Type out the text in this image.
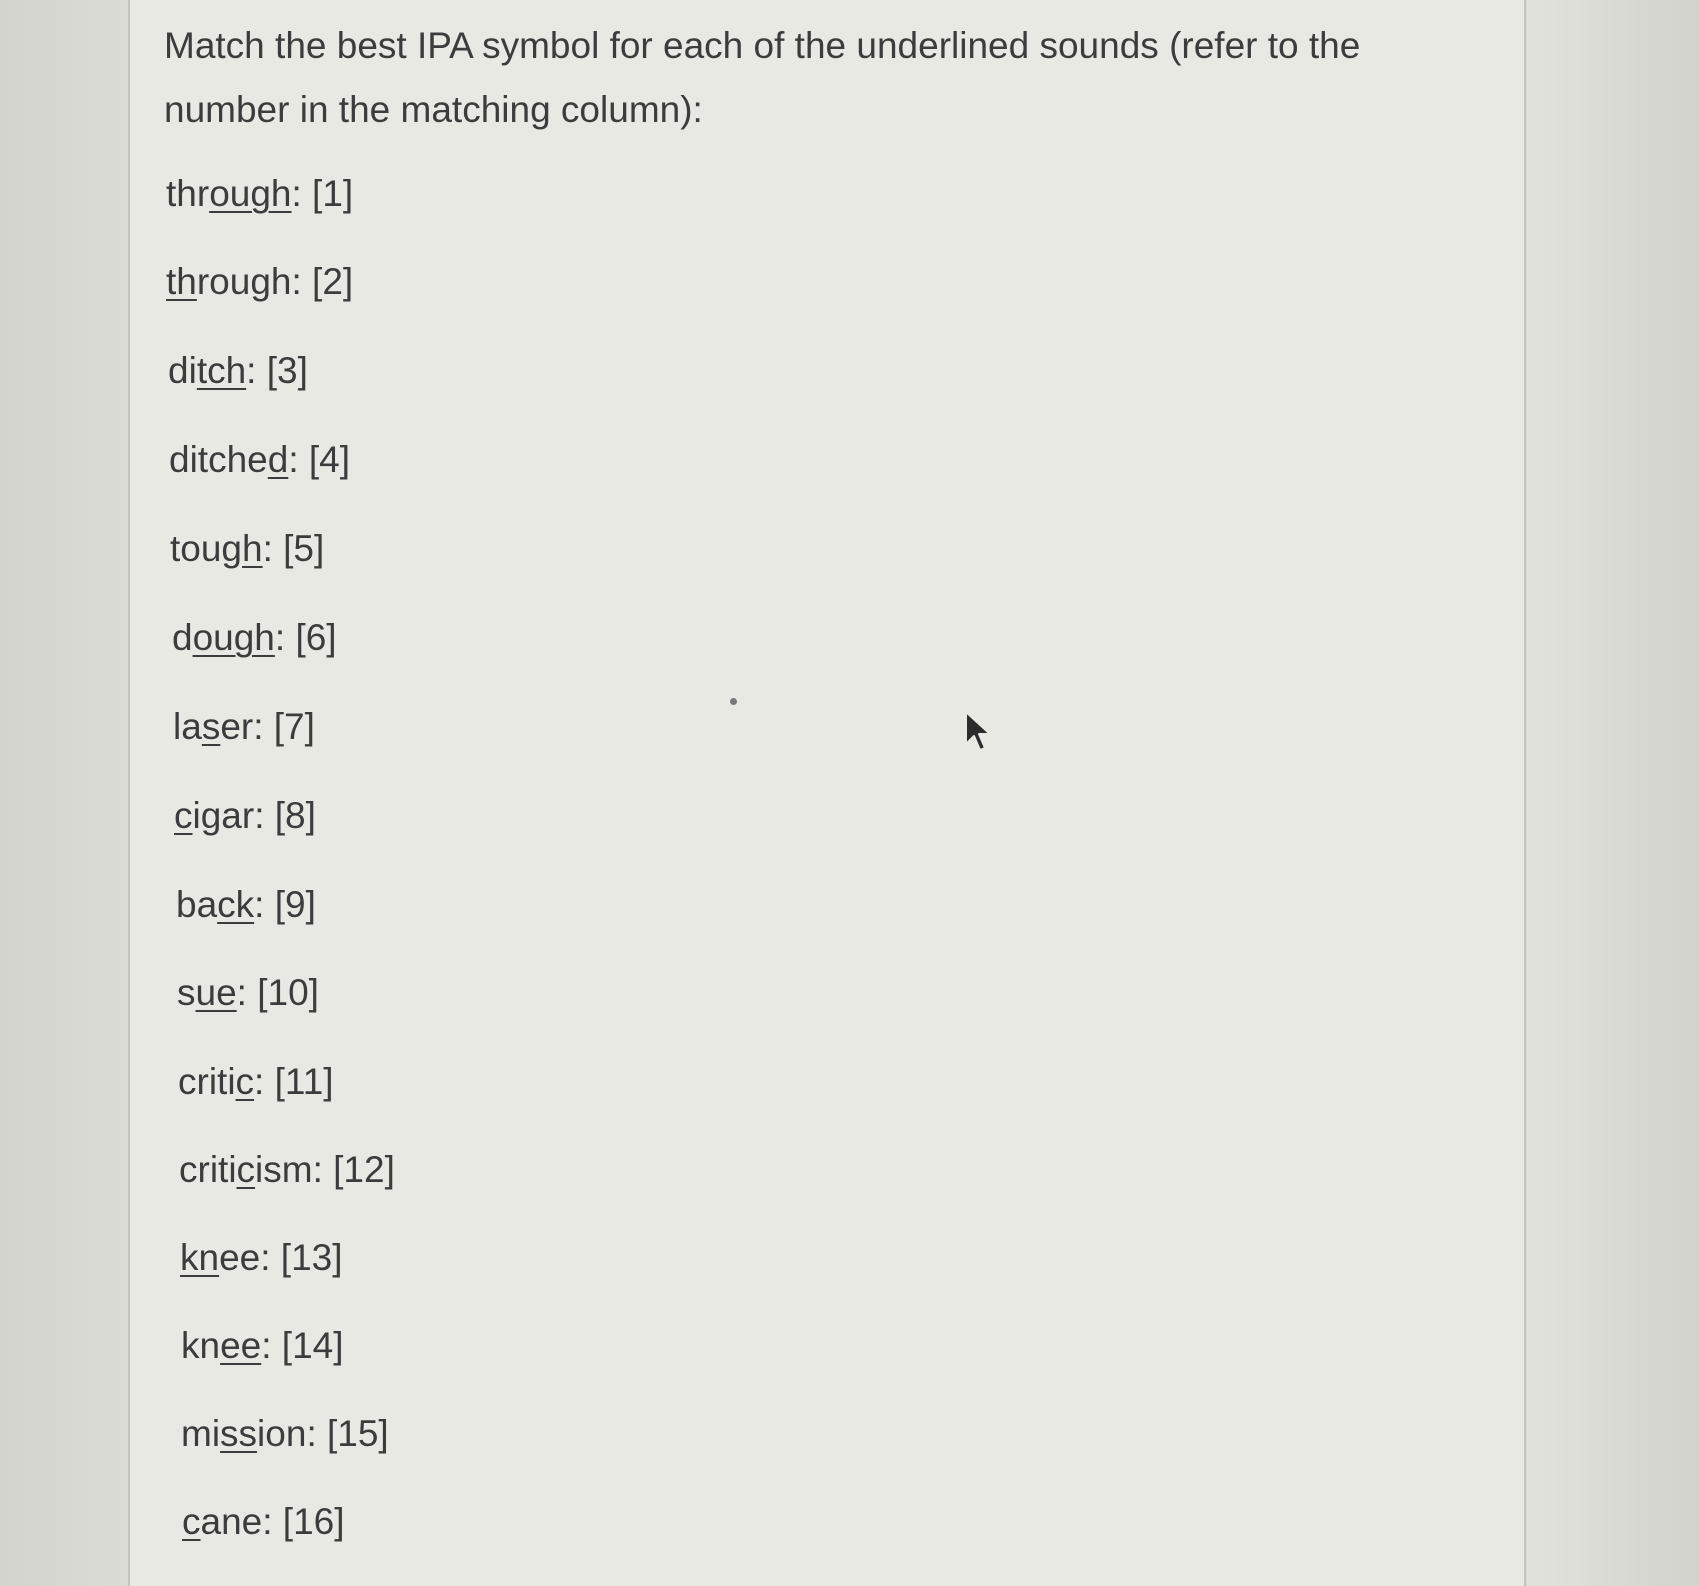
Match the best IPA symbol for each of the underlined sounds (refer to the number in the matching column):

through: [1]

through: [2]

ditch: [3]

ditched: [4]

tough: [5]

dough: [6]

laser: [7]

cigar: [8]

back: [9]

sue: [10]

critic: [11]

criticism: [12]

knee: [13]

knee: [14]

mission: [15]

cane: [16]
